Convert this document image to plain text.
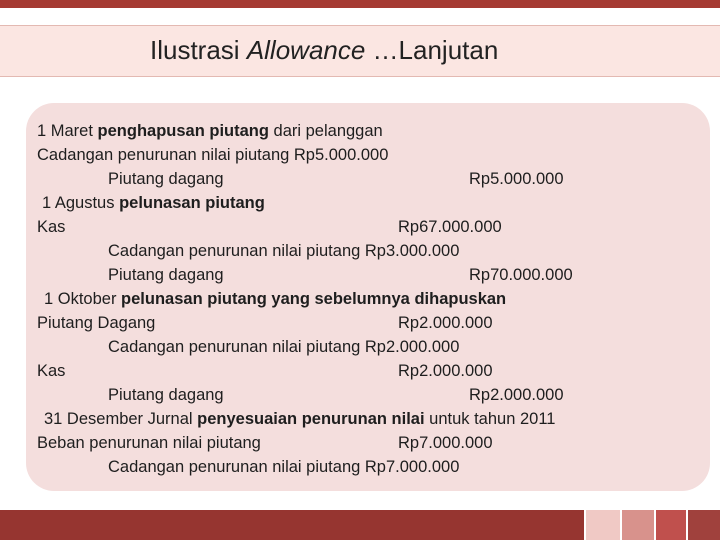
Ilustrasi Allowance …Lanjutan
1 Maret penghapusan piutang dari pelanggan
Cadangan penurunan nilai piutang Rp5.000.000
Piutang dagang	Rp5.000.000
1 Agustus pelunasan piutang
Kas	Rp67.000.000
Cadangan penurunan nilai piutang Rp3.000.000
Piutang dagang	Rp70.000.000
1 Oktober pelunasan piutang yang sebelumnya dihapuskan
Piutang Dagang	Rp2.000.000
Cadangan penurunan nilai piutang Rp2.000.000
Kas	Rp2.000.000
Piutang dagang	Rp2.000.000
31 Desember Jurnal penyesuaian penurunan nilai untuk tahun 2011
Beban penurunan nilai piutang	Rp7.000.000
Cadangan penurunan nilai piutang Rp7.000.000
